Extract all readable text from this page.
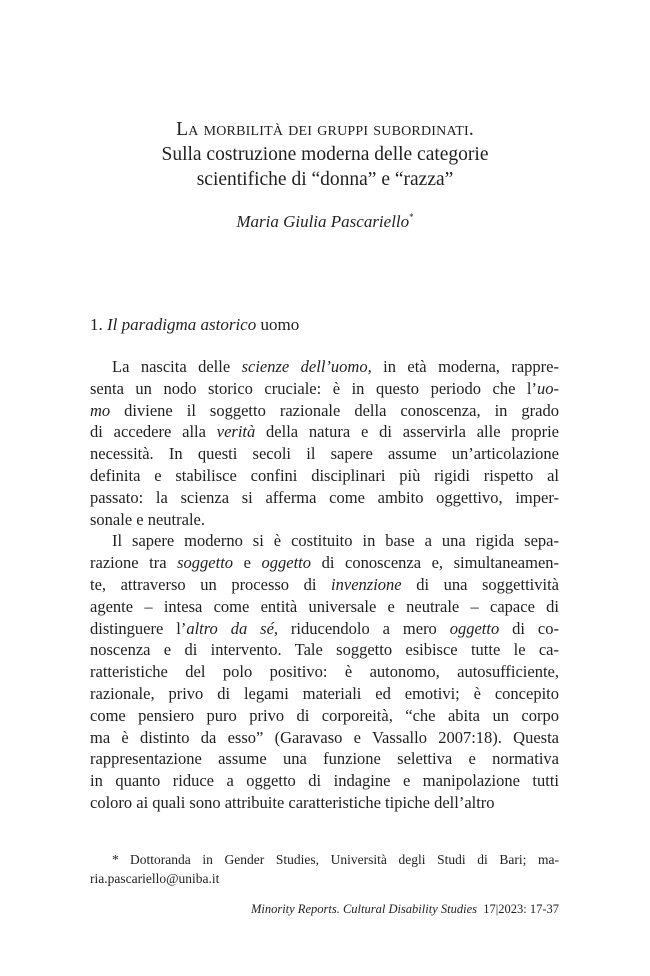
La morbilità dei gruppi subordinati.
Sulla costruzione moderna delle categorie
scientifiche di “donna” e “razza”
Maria Giulia Pascariello*
1. Il paradigma astorico uomo
La nascita delle scienze dell’uomo, in età moderna, rappre-
senta un nodo storico cruciale: è in questo periodo che l’uo-
mo diviene il soggetto razionale della conoscenza, in grado
di accedere alla verità della natura e di asservirla alle proprie
necessità. In questi secoli il sapere assume un’articolazione
definita e stabilisce confini disciplinari più rigidi rispetto al
passato: la scienza si afferma come ambito oggettivo, imper-
sonale e neutrale.
Il sapere moderno si è costituito in base a una rigida sepa-
razione tra soggetto e oggetto di conoscenza e, simultaneamen-
te, attraverso un processo di invenzione di una soggettività
agente – intesa come entità universale e neutrale – capace di
distinguere l’altro da sé, riducendolo a mero oggetto di co-
noscenza e di intervento. Tale soggetto esibisce tutte le ca-
ratteristiche del polo positivo: è autonomo, autosufficiente,
razionale, privo di legami materiali ed emotivi; è concepito
come pensiero puro privo di corporeità, “che abita un corpo
ma è distinto da esso” (Garavaso e Vassallo 2007:18). Questa
rappresentazione assume una funzione selettiva e normativa
in quanto riduce a oggetto di indagine e manipolazione tutti
coloro ai quali sono attribuite caratteristiche tipiche dell’altro
* Dottoranda in Gender Studies, Università degli Studi di Bari; ma-
ria.pascariello@uniba.it
Minority Reports. Cultural Disability Studies 17|2023: 17-37
